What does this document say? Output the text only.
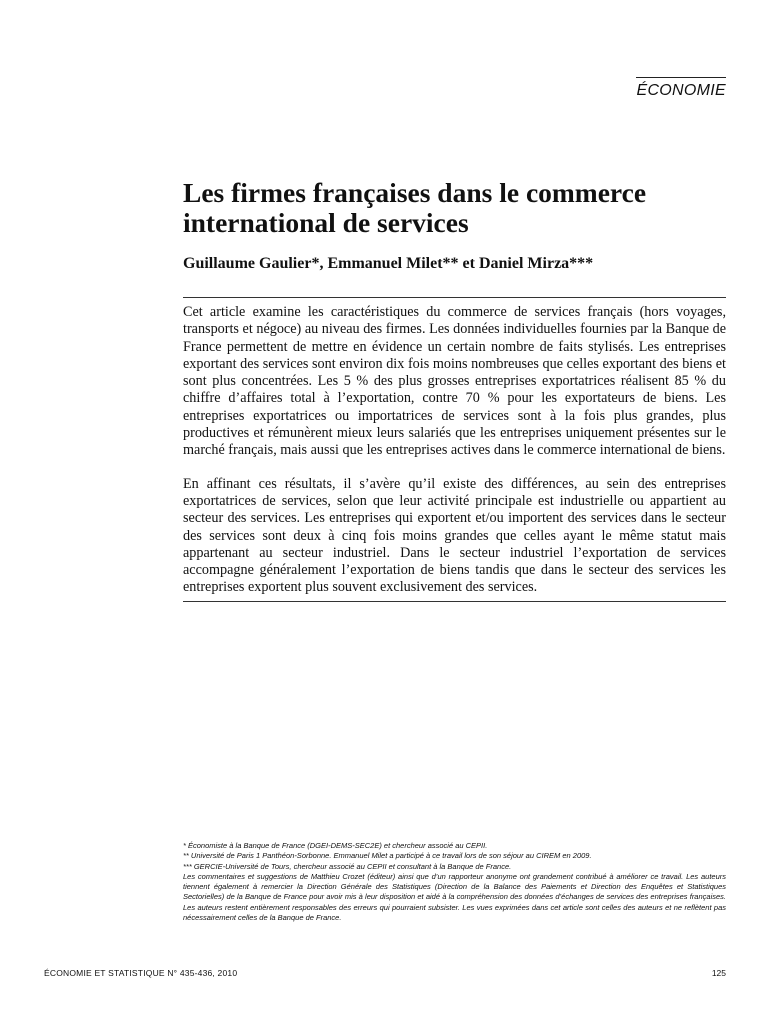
ÉCONOMIE
Les firmes françaises dans le commerce international de services
Guillaume Gaulier*, Emmanuel Milet** et Daniel Mirza***

Cet article examine les caractéristiques du commerce de services français (hors voyages, transports et négoce) au niveau des firmes. Les données individuelles fournies par la Banque de France permettent de mettre en évidence un certain nombre de faits stylisés. Les entreprises exportant des services sont environ dix fois moins nombreuses que celles exportant des biens et sont plus concentrées. Les 5 % des plus grosses entreprises exportatrices réalisent 85 % du chiffre d’affaires total à l’exportation, contre 70 % pour les exportateurs de biens. Les entreprises exportatrices ou importatrices de services sont à la fois plus grandes, plus productives et rémunèrent mieux leurs salariés que les entreprises uniquement présentes sur le marché français, mais aussi que les entreprises actives dans le commerce international de biens.

En affinant ces résultats, il s’avère qu’il existe des différences, au sein des entreprises exportatrices de services, selon que leur activité principale est industrielle ou appartient au secteur des services. Les entreprises qui exportent et/ou importent des services dans le secteur des services sont deux à cinq fois moins grandes que celles ayant le même statut mais appartenant au secteur industriel. Dans le secteur industriel l’exportation de services accompagne généralement l’exportation de biens tandis que dans le secteur des services les entreprises exportent plus souvent exclusivement des services.

* Économiste à la Banque de France (DGEI-DEMS-SEC2E) et chercheur associé au CEPII.
** Université de Paris 1 Panthéon-Sorbonne. Emmanuel Milet a participé à ce travail lors de son séjour au CIREM en 2009.
*** GERCIE-Université de Tours, chercheur associé au CEPII et consultant à la Banque de France.
Les commentaires et suggestions de Matthieu Crozet (éditeur) ainsi que d’un rapporteur anonyme ont grandement contribué à améliorer ce travail. Les auteurs tiennent également à remercier la Direction Générale des Statistiques (Direction de la Balance des Paiements et Direction des Enquêtes et Statistiques Sectorielles) de la Banque de France pour avoir mis à leur disposition et aidé à la compréhension des données d’échanges de services des entreprises françaises. Les auteurs restent entièrement responsables des erreurs qui pourraient subsister. Les vues exprimées dans cet article sont celles des auteurs et ne reflètent pas nécessairement celles de la Banque de France.
ÉCONOMIE ET STATISTIQUE N° 435-436, 2010	125
